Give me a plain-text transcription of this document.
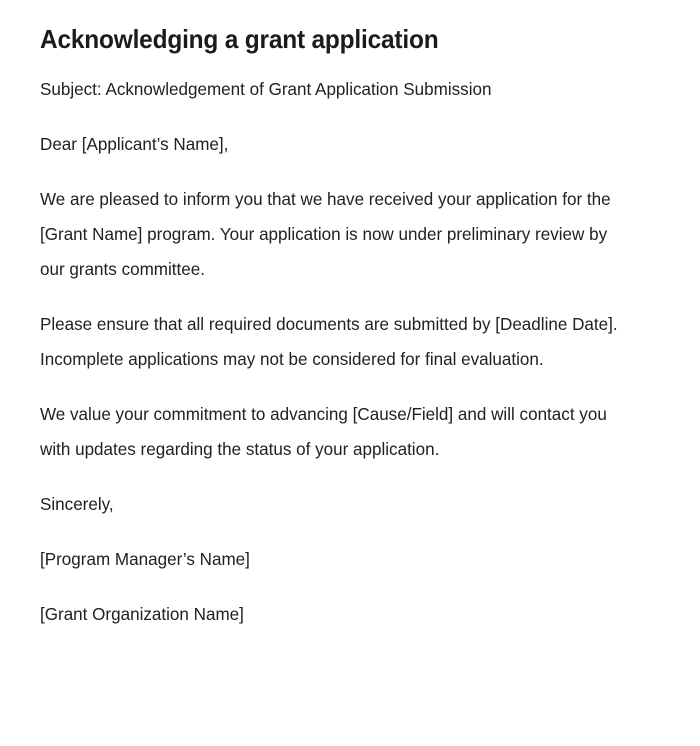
Acknowledging a grant application

Subject: Acknowledgement of Grant Application Submission

Dear [Applicant’s Name],

We are pleased to inform you that we have received your application for the [Grant Name] program. Your application is now under preliminary review by our grants committee.

Please ensure that all required documents are submitted by [Deadline Date]. Incomplete applications may not be considered for final evaluation.

We value your commitment to advancing [Cause/Field] and will contact you with updates regarding the status of your application.

Sincerely,

[Program Manager’s Name]

[Grant Organization Name]
